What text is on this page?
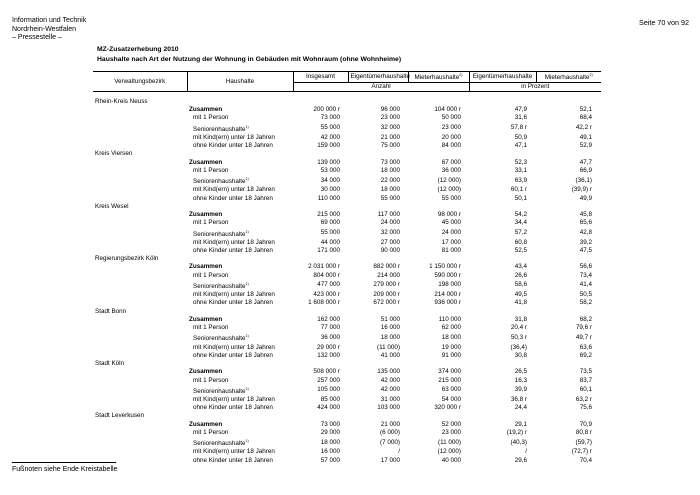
Information und Technik
Nordrhein-Westfalen
– Pressestelle –
Seite 70 von 92
MZ-Zusatzerhebung 2010
Haushalte nach Art der Nutzung der Wohnung in Gebäuden mit Wohnraum (ohne Wohnheime)
Verwaltungsbezirk	Haushalte	Insgesamt	Eigentümerhaushalte	Mieterhaushalte$^{2)}$	Eigentümerhaushalte	Mieterhaushalte$^{2)}$
		Anzahl			in Prozent	

Rhein-Kreis Neuss						
	Zusammen	200 000 r	96 000	104 000 r	47,9	52,1
	mit 1 Person	73 000	23 000	50 000	31,6	68,4
	Seniorenhaushalte$^{1)}$	55 000	32 000	23 000	57,8 r	42,2 r
	mit Kind(ern) unter 18 Jahren	42 000	21 000	20 000	50,9	49,1
	ohne Kinder unter 18 Jahren	159 000	75 000	84 000	47,1	52,9
Kreis Viersen						
	Zusammen	139 000	73 000	67 000	52,3	47,7
	mit 1 Person	53 000	18 000	36 000	33,1	66,9
	Seniorenhaushalte$^{1)}$	34 000	22 000	(12 000)	63,9	(36,1)
	mit Kind(ern) unter 18 Jahren	30 000	18 000	(12 000)	60,1 r	(39,9) r
	ohne Kinder unter 18 Jahren	110 000	55 000	55 000	50,1	49,9
Kreis Wesel						
	Zusammen	215 000	117 000	98 000 r	54,2	45,8
	mit 1 Person	69 000	24 000	45 000	34,4	65,6
	Seniorenhaushalte$^{1)}$	55 000	32 000	24 000	57,2	42,8
	mit Kind(ern) unter 18 Jahren	44 000	27 000	17 000	60,8	39,2
	ohne Kinder unter 18 Jahren	171 000	90 000	81 000	52,5	47,5
Regierungsbezirk Köln						
	Zusammen	2 031 000 r	882 000 r	1 150 000 r	43,4	56,6
	mit 1 Person	804 000 r	214 000	590 000 r	26,6	73,4
	Seniorenhaushalte$^{1)}$	477 000	279 000 r	198 000	58,6	41,4
	mit Kind(ern) unter 18 Jahren	423 000 r	209 000 r	214 000 r	49,5	50,5
	ohne Kinder unter 18 Jahren	1 608 000 r	672 000 r	936 000 r	41,8	58,2
Stadt Bonn						
	Zusammen	162 000	51 000	110 000	31,8	68,2
	mit 1 Person	77 000	16 000	62 000	20,4 r	79,6 r
	Seniorenhaushalte$^{1)}$	36 000	18 000	18 000	50,3 r	49,7 r
	mit Kind(ern) unter 18 Jahren	29 000 r	(11 000)	19 000	(36,4)	63,6
	ohne Kinder unter 18 Jahren	132 000	41 000	91 000	30,8	69,2
Stadt Köln						
	Zusammen	508 000 r	135 000	374 000	26,5	73,5
	mit 1 Person	257 000	42 000	215 000	16,3	83,7
	Seniorenhaushalte$^{1)}$	105 000	42 000	63 000	39,9	60,1
	mit Kind(ern) unter 18 Jahren	85 000	31 000	54 000	36,8 r	63,2 r
	ohne Kinder unter 18 Jahren	424 000	103 000	320 000 r	24,4	75,6
Stadt Leverkusen						
	Zusammen	73 000	21 000	52 000	29,1	70,9
	mit 1 Person	29 000	(6 000)	23 000	(19,2) r	80,8 r
	Seniorenhaushalte$^{1)}$	18 000	(7 000)	(11 000)	(40,3)	(59,7)
	mit Kind(ern) unter 18 Jahren	16 000	/	(12 000)	/	(72,7) r
	ohne Kinder unter 18 Jahren	57 000	17 000	40 000	29,6	70,4
Fußnoten siehe Ende Kreistabelle
